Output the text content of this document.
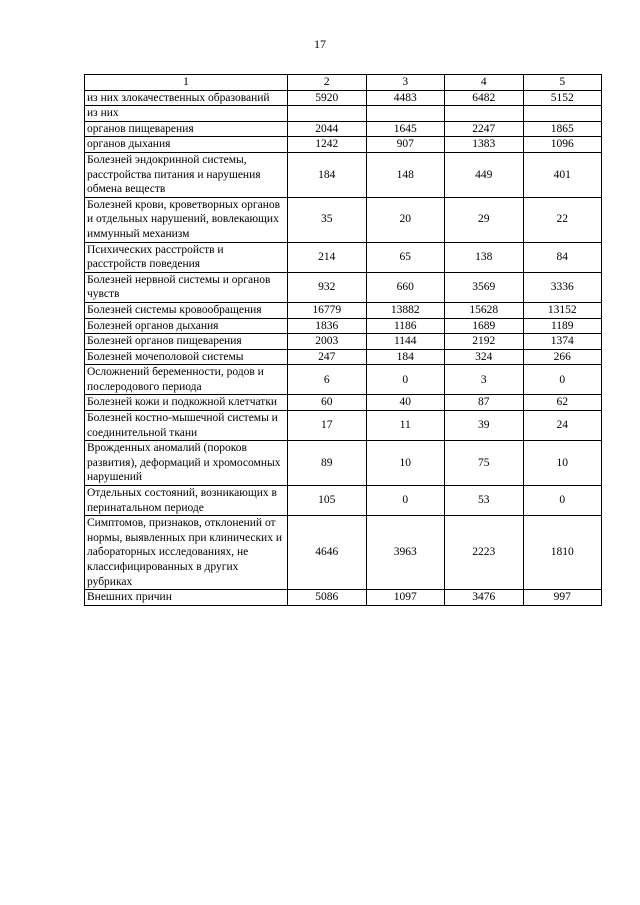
17
1	2	3	4	5
из них злокачественных образований	5920	4483	6482	5152
из них				
органов пищеварения	2044	1645	2247	1865
органов дыхания	1242	907	1383	1096
Болезней эндокринной системы, расстройства питания и нарушения обмена веществ	184	148	449	401
Болезней крови, кроветворных органов и отдельных нарушений, вовлекающих иммунный механизм	35	20	29	22
Психических расстройств и расстройств поведения	214	65	138	84
Болезней нервной системы и органов чувств	932	660	3569	3336
Болезней системы кровообращения	16779	13882	15628	13152
Болезней органов дыхания	1836	1186	1689	1189
Болезней органов пищеварения	2003	1144	2192	1374
Болезней мочеполовой системы	247	184	324	266
Осложнений беременности, родов и послеродового периода	6	0	3	0
Болезней кожи и подкожной клетчатки	60	40	87	62
Болезней костно-мышечной системы и соединительной ткани	17	11	39	24
Врожденных аномалий (пороков развития), деформаций и хромосомных нарушений	89	10	75	10
Отдельных состояний, возникающих в перинатальном периоде	105	0	53	0
Симптомов, признаков, отклонений от нормы, выявленных при клинических и лабораторных исследованиях, не классифицированных в других рубриках	4646	3963	2223	1810
Внешних причин	5086	1097	3476	997
